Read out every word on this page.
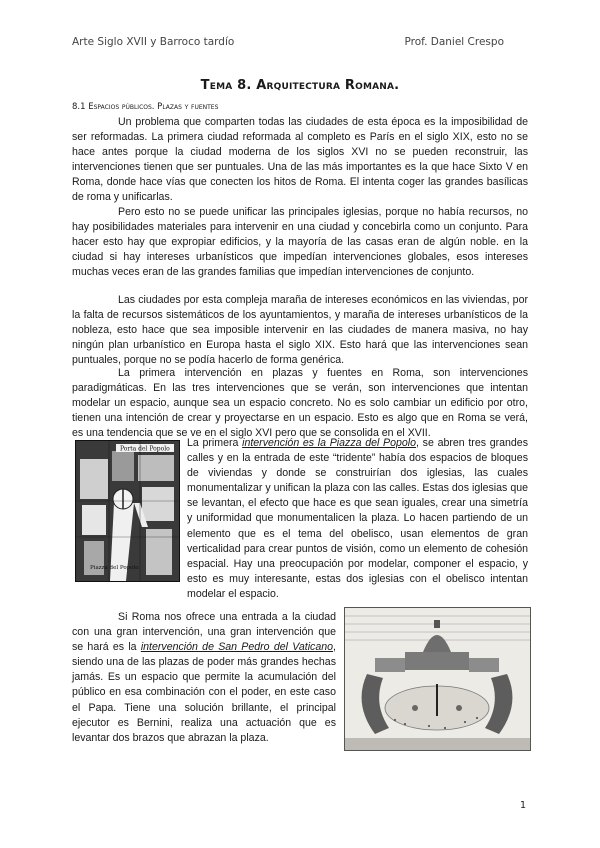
Arte Siglo XVII y Barroco tardío	Prof. Daniel Crespo
Tema 8. Arquitectura Romana.
8.1 Espacios públicos. Plazas y fuentes

Un problema que comparten todas las ciudades de esta época es la imposibilidad de ser reformadas. La primera ciudad reformada al completo es París en el siglo XIX, esto no se hace antes porque la ciudad moderna de los siglos XVI no se pueden reconstruir, las intervenciones tienen que ser puntuales. Una de las más importantes es la que hace Sixto V en Roma, donde hace vías que conecten los hitos de Roma. El intenta coger las grandes basílicas de roma y unificarlas.

Pero esto no se puede unificar las principales iglesias, porque no había recursos, no hay posibilidades materiales para intervenir en una ciudad y concebirla como un conjunto. Para hacer esto hay que expropiar edificios, y la mayoría de las casas eran de algún noble. en la ciudad si hay intereses urbanísticos que impedían intervenciones globales, esos intereses muchas veces eran de las grandes familias que impedían intervenciones de conjunto.

Las ciudades por esta compleja maraña de intereses económicos en las viviendas, por la falta de recursos sistemáticos de los ayuntamientos, y maraña de intereses urbanísticos de la nobleza, esto hace que sea imposible intervenir en las ciudades de manera masiva, no hay ningún plan urbanístico en Europa hasta el siglo XIX. Esto hará que las intervenciones sean puntuales, porque no se podía hacerlo de forma genérica.

La primera intervención en plazas y fuentes en Roma, son intervenciones paradigmáticas. En las tres intervenciones que se verán, son intervenciones que intentan modelar un espacio, aunque sea un espacio concreto. No es solo cambiar un edificio por otro, tienen una intención de crear y proyectarse en un espacio. Esto es algo que en Roma se verá, es una tendencia que se ve en el siglo XVI pero que se consolida en el XVII.

Porta del Popolo
Piazza del Popolo

La primera intervención es la Piazza del Popolo, se abren tres grandes calles y en la entrada de este “tridente” había dos espacios de bloques de viviendas y donde se construirían dos iglesias, las cuales monumentalizar y unifican la plaza con las calles. Estas dos iglesias que se levantan, el efecto que hace es que sean iguales, crear una simetría y uniformidad que monumentalicen la plaza. Lo hacen partiendo de un elemento que es el tema del obelisco, usan elementos de gran verticalidad para crear puntos de visión, como un elemento de cohesión espacial. Hay una preocupación por modelar, componer el espacio, y esto es muy interesante, estas dos iglesias con el obelisco intentan modelar el espacio.

Si Roma nos ofrece una entrada a la ciudad con una gran intervención, una gran intervención que se hará es la intervención de San Pedro del Vaticano, siendo una de las plazas de poder más grandes hechas jamás. Es un espacio que permite la acumulación del público en esa combinación con el poder, en este caso el Papa. Tiene una solución brillante, el principal ejecutor es Bernini, realiza una actuación que es levantar dos brazos que abrazan la plaza.

1
